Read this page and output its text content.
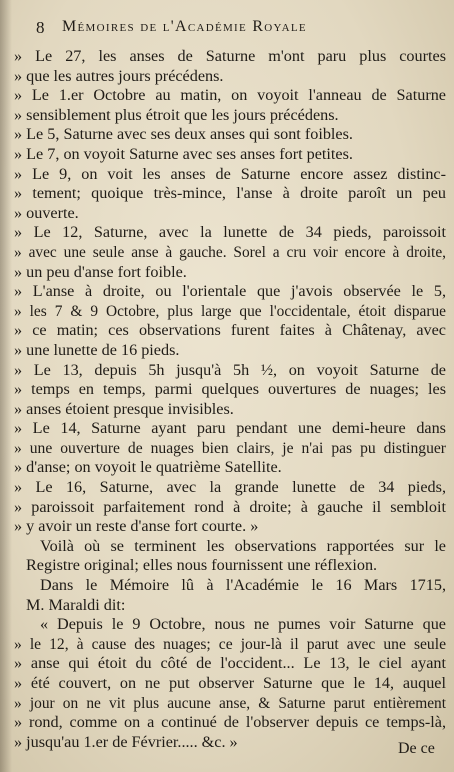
8 Mémoires de l'Académie Royale
» Le 27, les anses de Saturne m'ont paru plus courtes
» que les autres jours précédens.
» Le 1.er Octobre au matin, on voyoit l'anneau de Saturne
» sensiblement plus étroit que les jours précédens.
» Le 5, Saturne avec ses deux anses qui sont foibles.
» Le 7, on voyoit Saturne avec ses anses fort petites.
» Le 9, on voit les anses de Saturne encore assez distinc-
» tement; quoique très-mince, l'anse à droite paroît un peu
» ouverte.
» Le 12, Saturne, avec la lunette de 34 pieds, paroissoit
» avec une seule anse à gauche. Sorel a cru voir encore à droite,
» un peu d'anse fort foible.
» L'anse à droite, ou l'orientale que j'avois observée le 5,
» les 7 & 9 Octobre, plus large que l'occidentale, étoit disparue
» ce matin; ces observations furent faites à Châtenay, avec
» une lunette de 16 pieds.
» Le 13, depuis 5h jusqu'à 5h ½, on voyoit Saturne de
» temps en temps, parmi quelques ouvertures de nuages; les
» anses étoient presque invisibles.
» Le 14, Saturne ayant paru pendant une demi-heure dans
» une ouverture de nuages bien clairs, je n'ai pas pu distinguer
» d'anse; on voyoit le quatrième Satellite.
» Le 16, Saturne, avec la grande lunette de 34 pieds,
» paroissoit parfaitement rond à droite; à gauche il sembloit
» y avoir un reste d'anse fort courte. »
Voilà où se terminent les observations rapportées sur le
Registre original; elles nous fournissent une réflexion.
Dans le Mémoire lû à l'Académie le 16 Mars 1715,
M. Maraldi dit:
« Depuis le 9 Octobre, nous ne pumes voir Saturne que
» le 12, à cause des nuages; ce jour-là il parut avec une seule
» anse qui étoit du côté de l'occident... Le 13, le ciel ayant
» été couvert, on ne put observer Saturne que le 14, auquel
» jour on ne vit plus aucune anse, & Saturne parut entièrement
» rond, comme on a continué de l'observer depuis ce temps-là,
» jusqu'au 1.er de Février..... &c. »	De ce
